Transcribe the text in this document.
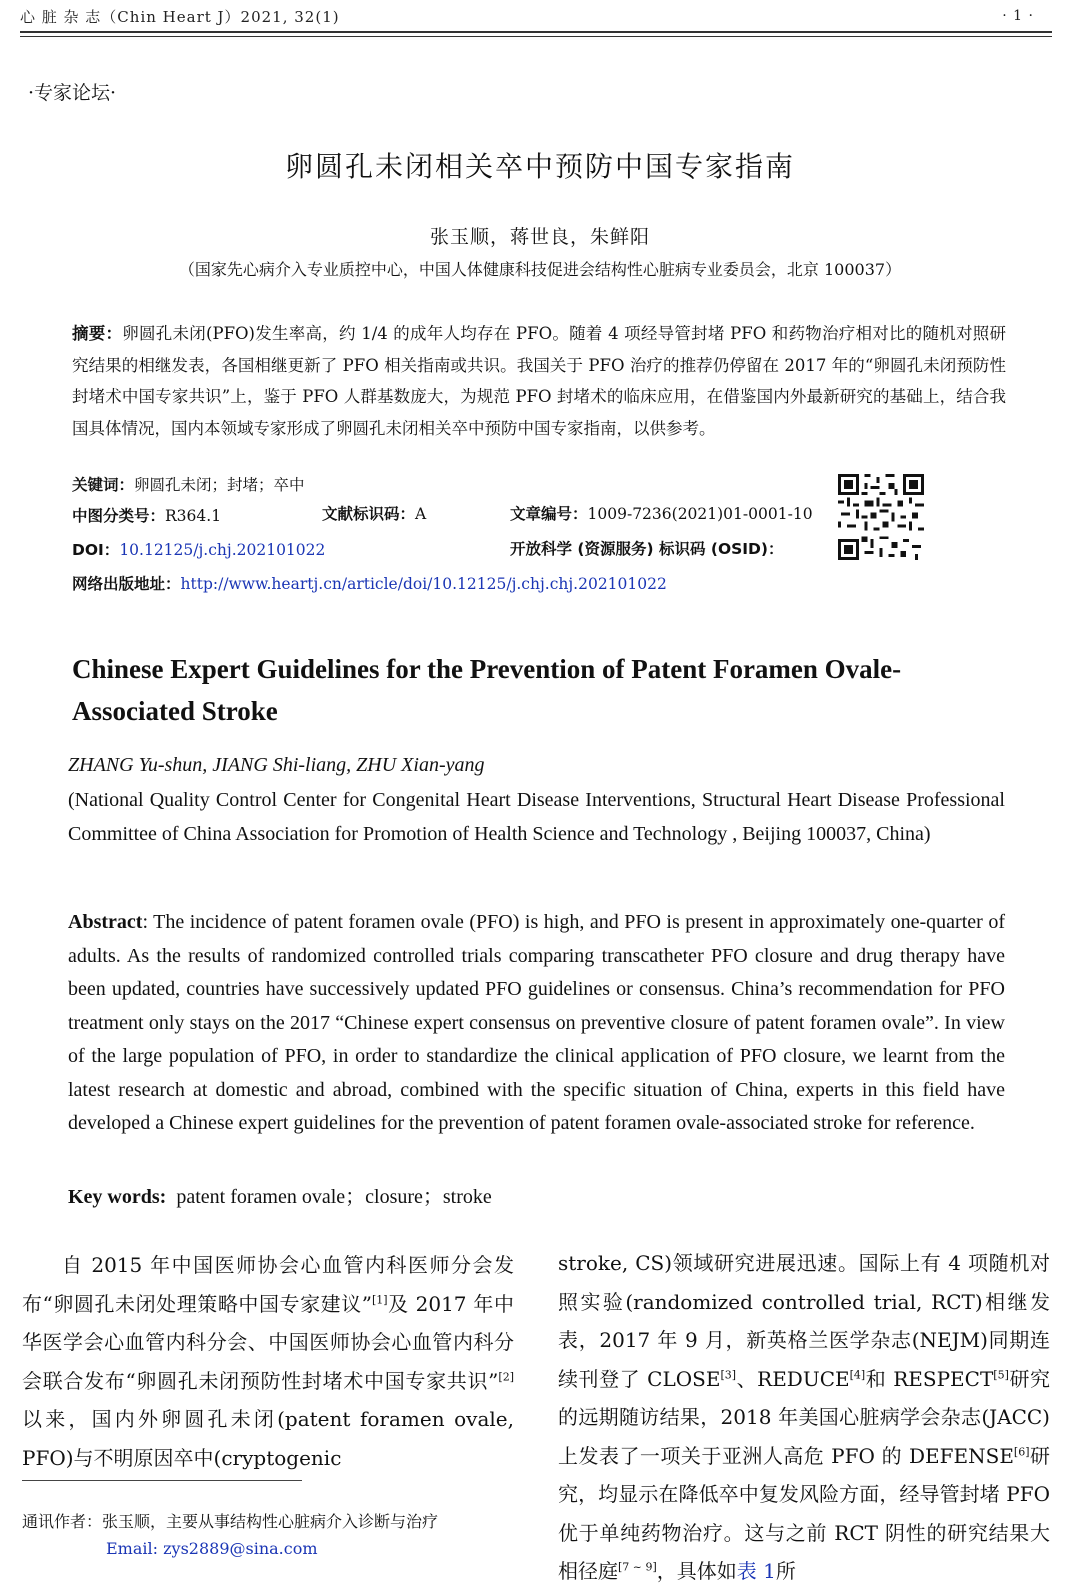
心 脏 杂 志（Chin Heart J）2021, 32(1)	· 1 ·
·专家论坛·
卵圆孔未闭相关卒中预防中国专家指南
张玉顺，蒋世良，朱鲜阳
（国家先心病介入专业质控中心，中国人体健康科技促进会结构性心脏病专业委员会，北京 100037）
摘要：卵圆孔未闭(PFO)发生率高，约 1/4 的成年人均存在 PFO。随着 4 项经导管封堵 PFO 和药物治疗相对比的随机对照研究结果的相继发表，各国相继更新了 PFO 相关指南或共识。我国关于 PFO 治疗的推荐仍停留在 2017 年的“卵圆孔未闭预防性封堵术中国专家共识”上，鉴于 PFO 人群基数庞大，为规范 PFO 封堵术的临床应用，在借鉴国内外最新研究的基础上，结合我国具体情况，国内本领域专家形成了卵圆孔未闭相关卒中预防中国专家指南，以供参考。
关键词：卵圆孔未闭；封堵；卒中
中图分类号：R364.1	文献标识码：A	文章编号：1009-7236(2021)01-0001-10
DOI：10.12125/j.chj.202101022	开放科学 (资源服务) 标识码 (OSID)：
网络出版地址：http://www.heartj.cn/article/doi/10.12125/j.chj.chj.202101022
Chinese Expert Guidelines for the Prevention of Patent Foramen Ovale-Associated Stroke
ZHANG Yu-shun, JIANG Shi-liang, ZHU Xian-yang
(National Quality Control Center for Congenital Heart Disease Interventions, Structural Heart Disease Professional Committee of China Association for Promotion of Health Science and Technology , Beijing 100037, China)
Abstract: The incidence of patent foramen ovale (PFO) is high, and PFO is present in approximately one-quarter of adults. As the results of randomized controlled trials comparing transcatheter PFO closure and drug therapy have been updated, countries have successively updated PFO guidelines or consensus. China’s recommendation for PFO treatment only stays on the 2017 “Chinese expert consensus on preventive closure of patent foramen ovale”. In view of the large population of PFO, in order to standardize the clinical application of PFO closure, we learnt from the latest research at domestic and abroad, combined with the specific situation of China, experts in this field have developed a Chinese expert guidelines for the prevention of patent foramen ovale-associated stroke for reference.
Key words: patent foramen ovale；closure；stroke
自 2015 年中国医师协会心血管内科医师分会发布“卵圆孔未闭处理策略中国专家建议”[1]及 2017 年中华医学会心血管内科分会、中国医师协会心血管内科分会联合发布“卵圆孔未闭预防性封堵术中国专家共识”[2]以来，国内外卵圆孔未闭(patent foramen ovale, PFO)与不明原因卒中(cryptogenic
stroke, CS)领域研究进展迅速。国际上有 4 项随机对照实验(randomized controlled trial, RCT)相继发表，2017 年 9 月，新英格兰医学杂志(NEJM)同期连续刊登了 CLOSE[3]、REDUCE[4]和 RESPECT[5]研究的远期随访结果，2018 年美国心脏病学会杂志(JACC)上发表了一项关于亚洲人高危 PFO 的 DEFENSE[6]研究，均显示在降低卒中复发风险方面，经导管封堵 PFO 优于单纯药物治疗。这与之前 RCT 阴性的研究结果大相径庭[7 ~ 9]，具体如表 1所
通讯作者：张玉顺，主要从事结构性心脏病介入诊断与治疗
Email: zys2889@sina.com
